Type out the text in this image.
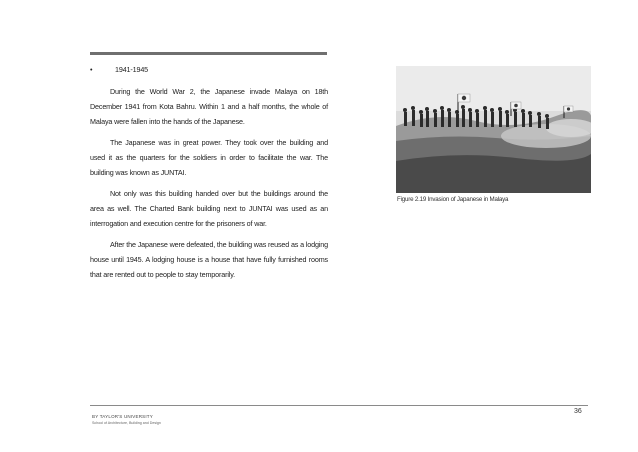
•	1941-1945

During the World War 2, the Japanese invade Malaya on 18th December 1941 from Kota Bahru. Within 1 and a half months, the whole of Malaya were fallen into the hands of the Japanese.

The Japanese was in great power. They took over the building and used it as the quarters for the soldiers in order to facilitate the war. The building was known as JUNTAI.

Not only was this building handed over but the buildings around the area as well. The Charted Bank building next to JUNTAI was used as an interrogation and execution centre for the prisoners of war.

After the Japanese were defeated, the building was reused as a lodging house until 1945. A lodging house is a house that have fully furnished rooms that are rented out to people to stay temporarily.

Figure 2.19 Invasion of Japanese in Malaya
36
BY TAYLOR'S UNIVERSITY
School of Architecture, Building and Design
